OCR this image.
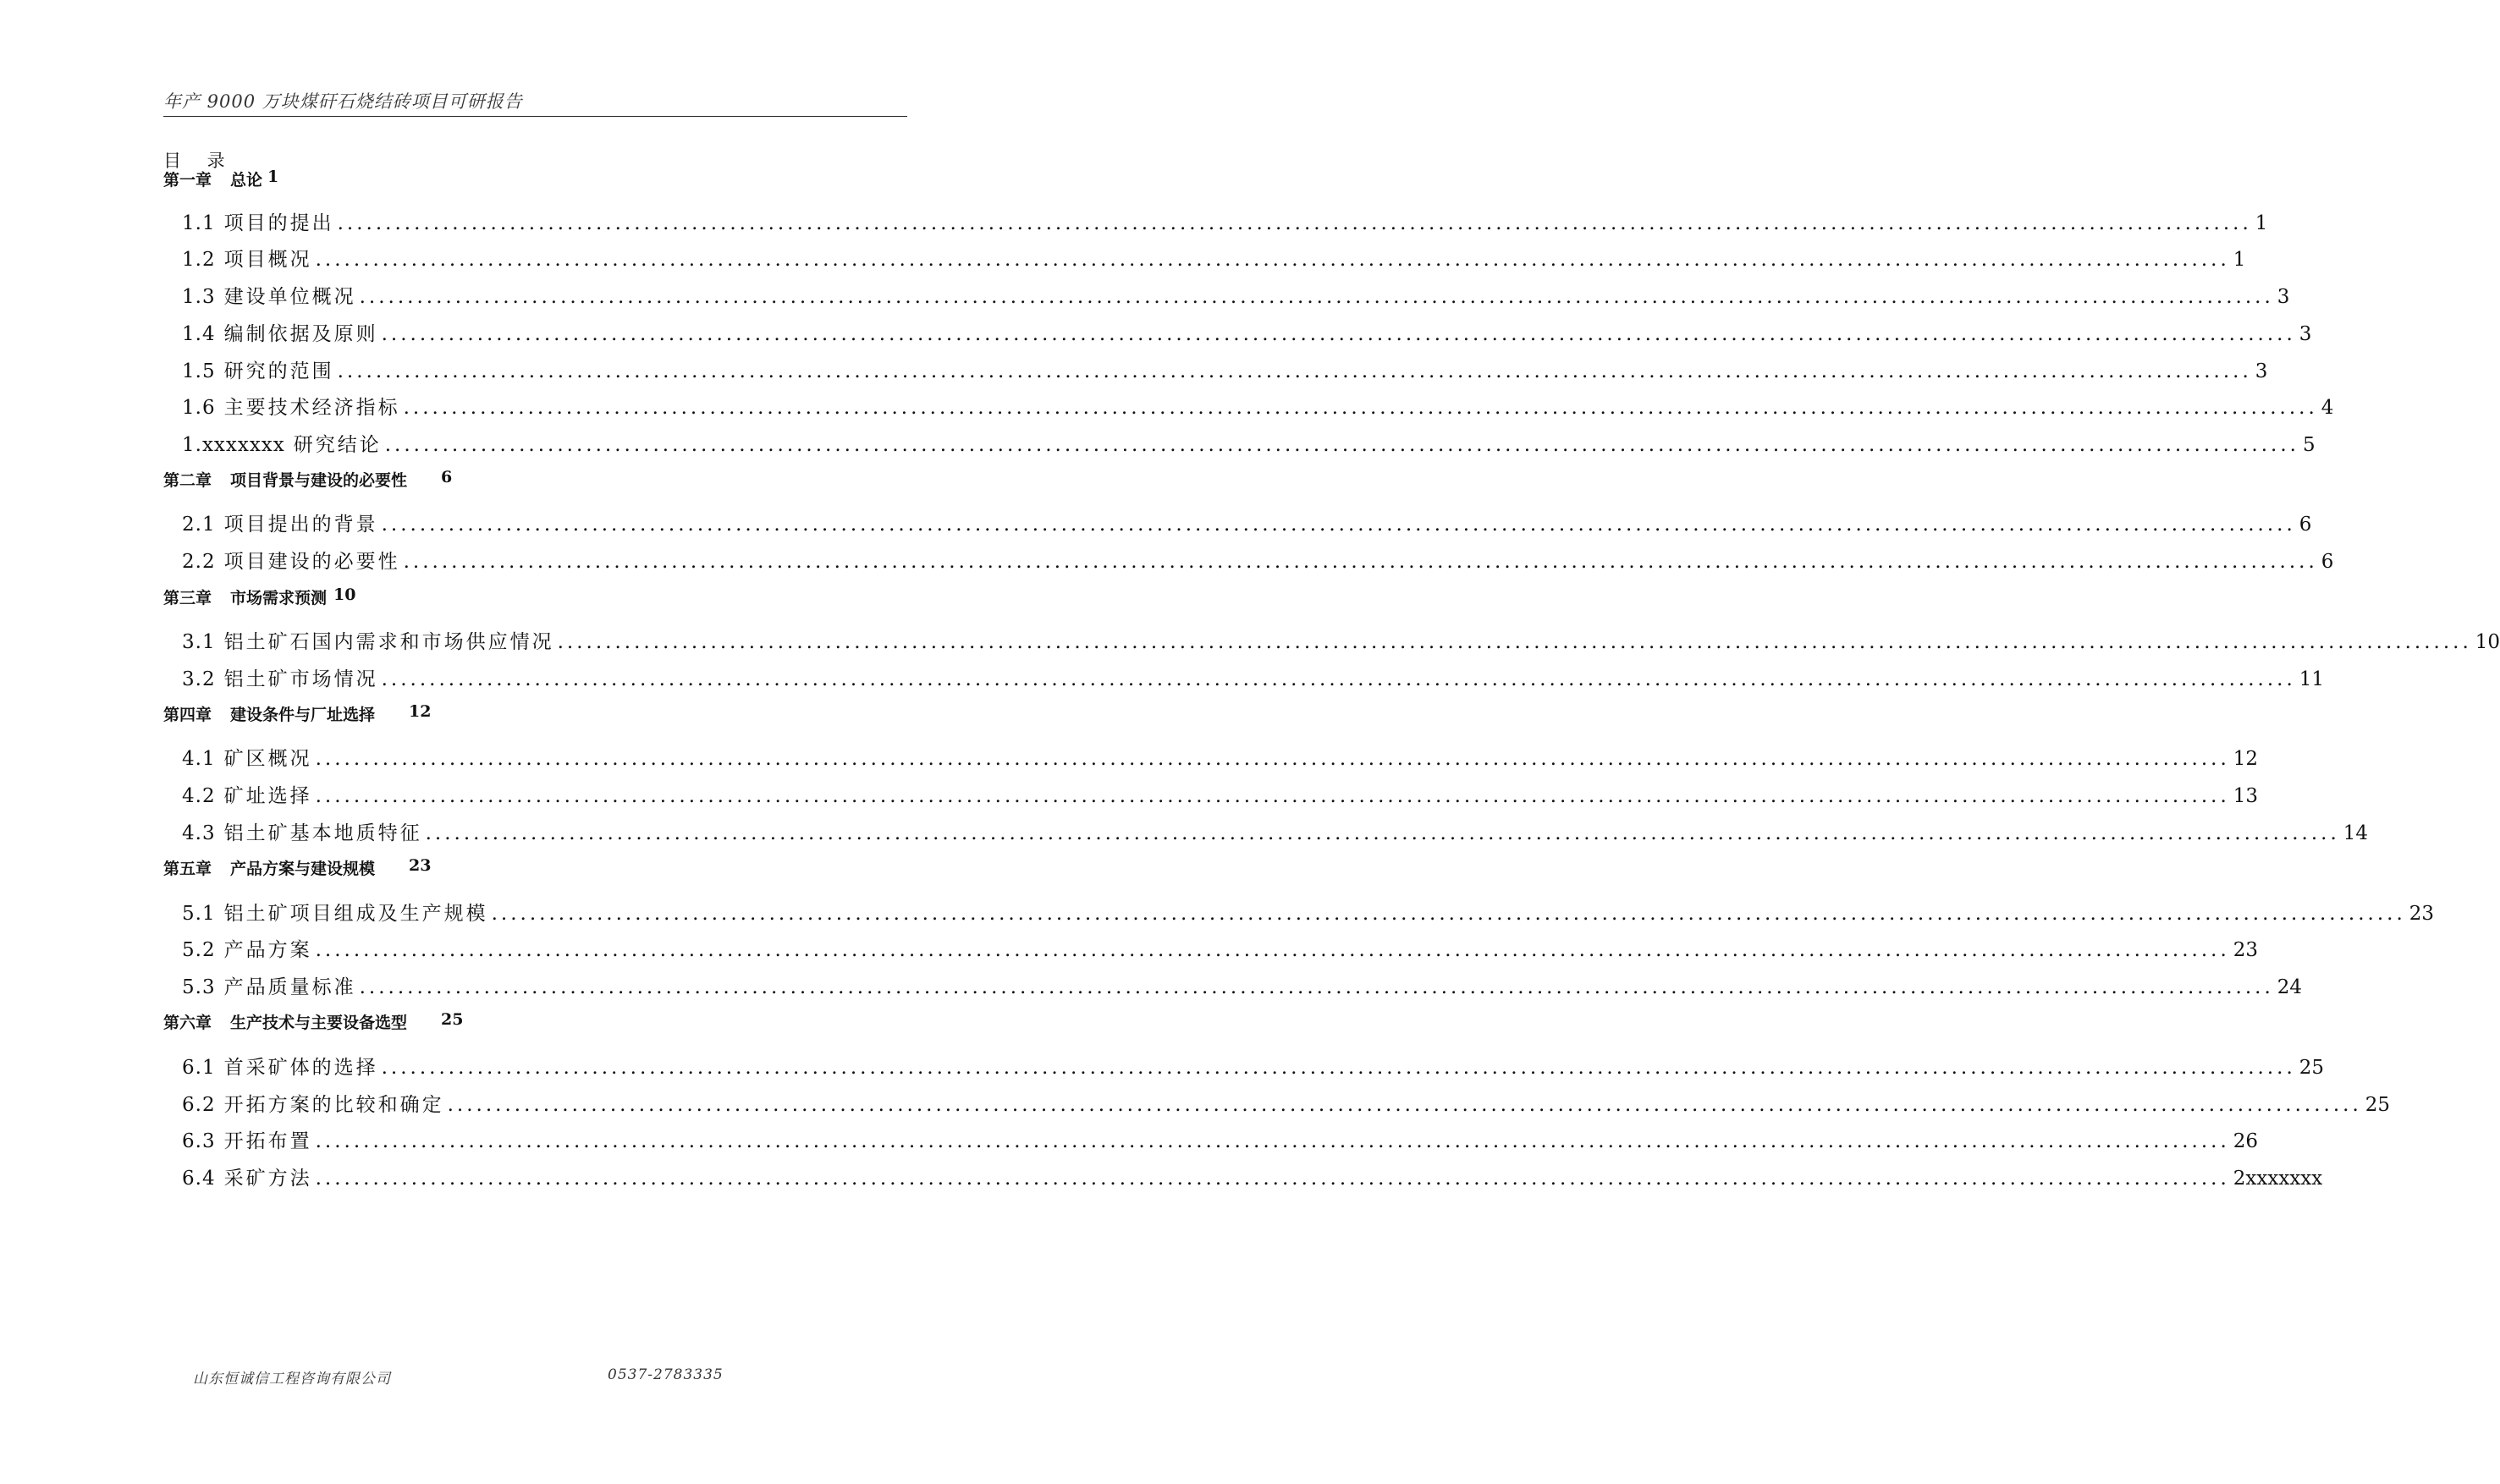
年产 9000 万块煤矸石烧结砖项目可研报告
目 录
第一章 总论 1
1.1 项目的提出 ........................................................................................................................................................................................................ 1
1.2 项目概况 ........................................................................................................................................................................................................ 1
1.3 建设单位概况 ........................................................................................................................................................................................................ 3
1.4 编制依据及原则 ........................................................................................................................................................................................................ 3
1.5 研究的范围 ........................................................................................................................................................................................................ 3
1.6 主要技术经济指标 ........................................................................................................................................................................................................ 4
1.xxxxxxx 研究结论 ........................................................................................................................................................................................................ 5
第二章 项目背景与建设的必要性 6
2.1 项目提出的背景 ........................................................................................................................................................................................................ 6
2.2 项目建设的必要性 ........................................................................................................................................................................................................ 6
第三章 市场需求预测 10
3.1 铝土矿石国内需求和市场供应情况 ........................................................................................................................................................................................................ 10
3.2 铝土矿市场情况 ........................................................................................................................................................................................................ 11
第四章 建设条件与厂址选择 12
4.1 矿区概况 ........................................................................................................................................................................................................ 12
4.2 矿址选择 ........................................................................................................................................................................................................ 13
4.3 铝土矿基本地质特征 ........................................................................................................................................................................................................ 14
第五章 产品方案与建设规模 23
5.1 铝土矿项目组成及生产规模 ........................................................................................................................................................................................................ 23
5.2 产品方案 ........................................................................................................................................................................................................ 23
5.3 产品质量标准 ........................................................................................................................................................................................................ 24
第六章 生产技术与主要设备选型 25
6.1 首采矿体的选择 ........................................................................................................................................................................................................ 25
6.2 开拓方案的比较和确定 ........................................................................................................................................................................................................ 25
6.3 开拓布置 ........................................................................................................................................................................................................ 26
6.4 采矿方法 ........................................................................................................................................................................................................ 2xxxxxxx
山东恒诚信工程咨询有限公司	0537-2783335
